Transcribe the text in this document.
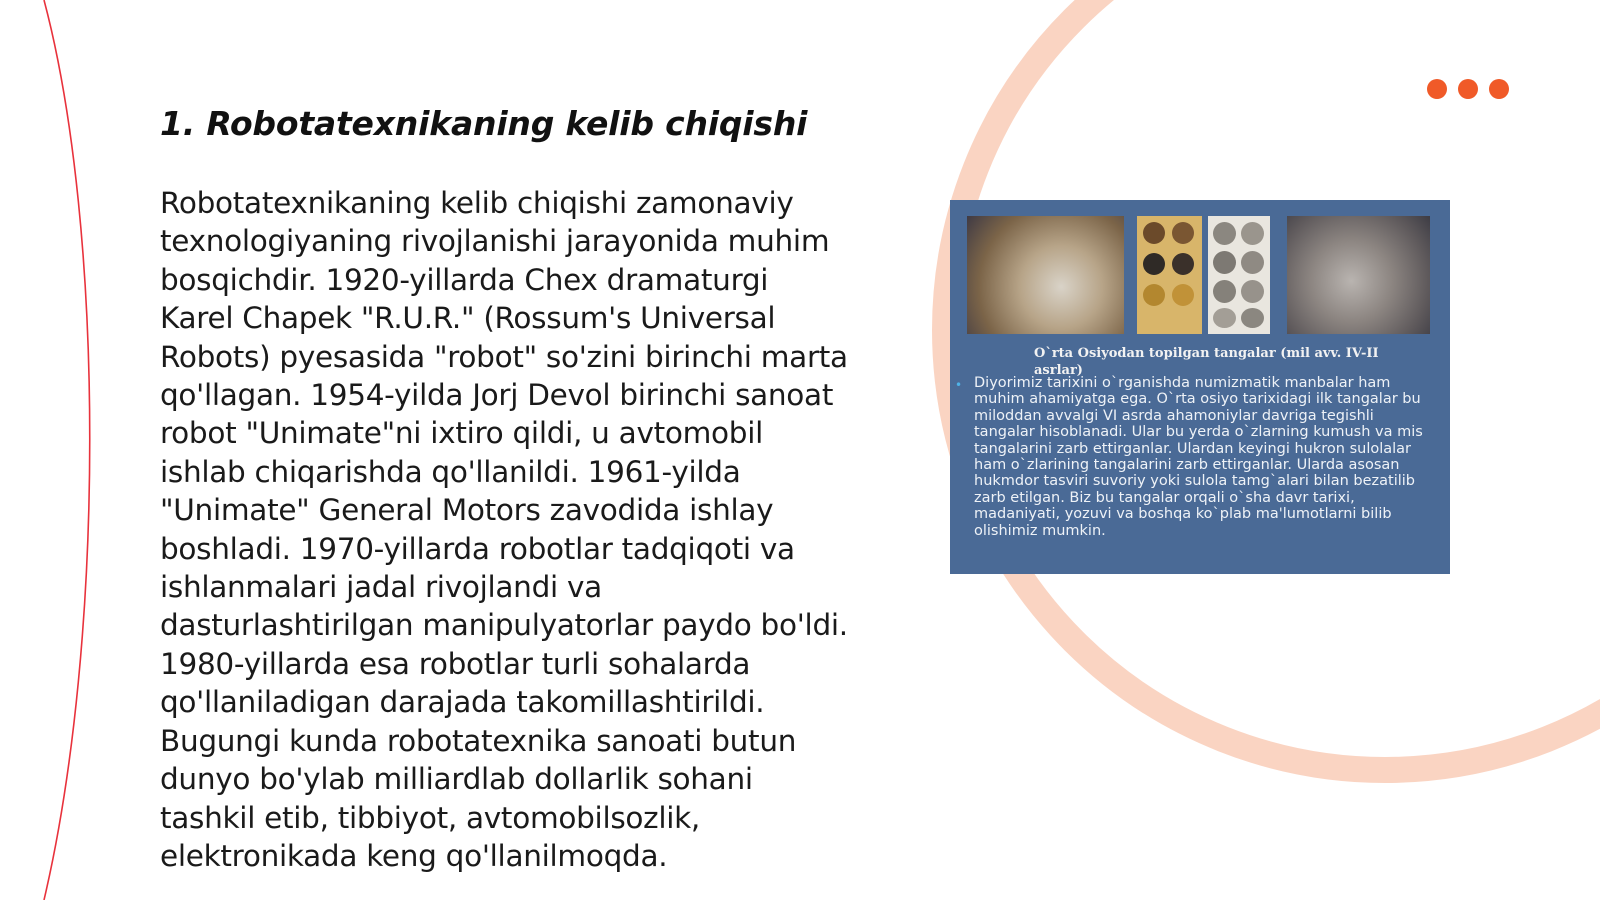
1. Robotatexnikaning kelib chiqishi

Robotatexnikaning kelib chiqishi zamonaviy texnologiyaning rivojlanishi jarayonida muhim bosqichdir. 1920-yillarda Chex dramaturgi Karel Chapek "R.U.R." (Rossum's Universal Robots) pyesasida "robot" so'zini birinchi marta qo'llagan. 1954-yilda Jorj Devol birinchi sanoat robot "Unimate"ni ixtiro qildi, u avtomobil ishlab chiqarishda qo'llanildi. 1961-yilda "Unimate" General Motors zavodida ishlay boshladi. 1970-yillarda robotlar tadqiqoti va ishlanmalari jadal rivojlandi va dasturlashtirilgan manipulyatorlar paydo bo'ldi. 1980-yillarda esa robotlar turli sohalarda qo'llaniladigan darajada takomillashtirildi. Bugungi kunda robotatexnika sanoati butun dunyo bo'ylab milliardlab dollarlik sohani tashkil etib, tibbiyot, avtomobilsozlik, elektronikada keng qo'llanilmoqda.

O`rta Osiyodan topilgan tangalar (mil avv. IV-II asrlar)

• Diyorimiz tarixini o`rganishda numizmatik manbalar ham muhim ahamiyatga ega. O`rta osiyo tarixidagi ilk tangalar bu miloddan avvalgi VI asrda ahamoniylar davriga tegishli tangalar hisoblanadi. Ular bu yerda o`zlarning kumush va mis tangalarini zarb ettirganlar. Ulardan keyingi hukron sulolalar ham o`zlarining tangalarini zarb ettirganlar. Ularda asosan hukmdor tasviri suvoriy yoki sulola tamg`alari bilan bezatilib zarb etilgan. Biz bu tangalar orqali o`sha davr tarixi, madaniyati, yozuvi va boshqa ko`plab ma'lumotlarni bilib olishimiz mumkin.
